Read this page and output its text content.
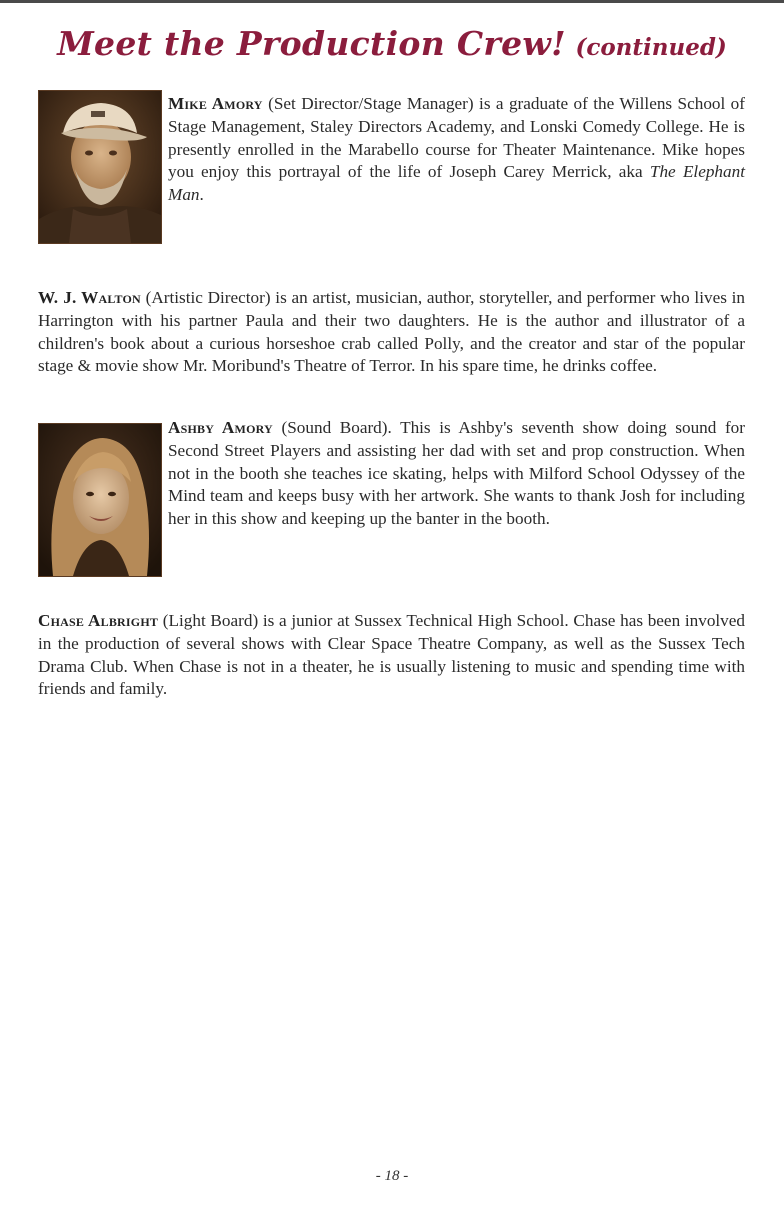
Meet the Production Crew! (continued)
Mike Amory (Set Director/Stage Manager) is a graduate of the Willens School of Stage Management, Staley Directors Academy, and Lonski Comedy College. He is presently enrolled in the Marabello course for Theater Maintenance. Mike hopes you enjoy this portrayal of the life of Joseph Carey Merrick, aka The Elephant Man.
W. J. Walton (Artistic Director) is an artist, musician, author, storyteller, and performer who lives in Harrington with his partner Paula and their two daughters. He is the author and illustrator of a children's book about a curious horseshoe crab called Polly, and the creator and star of the popular stage & movie show Mr. Moribund's Theatre of Terror. In his spare time, he drinks coffee.
Ashby Amory (Sound Board). This is Ashby's seventh show doing sound for Second Street Players and assisting her dad with set and prop construction. When not in the booth she teaches ice skating, helps with Milford School Odyssey of the Mind team and keeps busy with her artwork. She wants to thank Josh for including her in this show and keeping up the banter in the booth.
Chase Albright (Light Board) is a junior at Sussex Technical High School. Chase has been involved in the production of several shows with Clear Space Theatre Company, as well as the Sussex Tech Drama Club. When Chase is not in a theater, he is usually listening to music and spending time with friends and family.
- 18 -
